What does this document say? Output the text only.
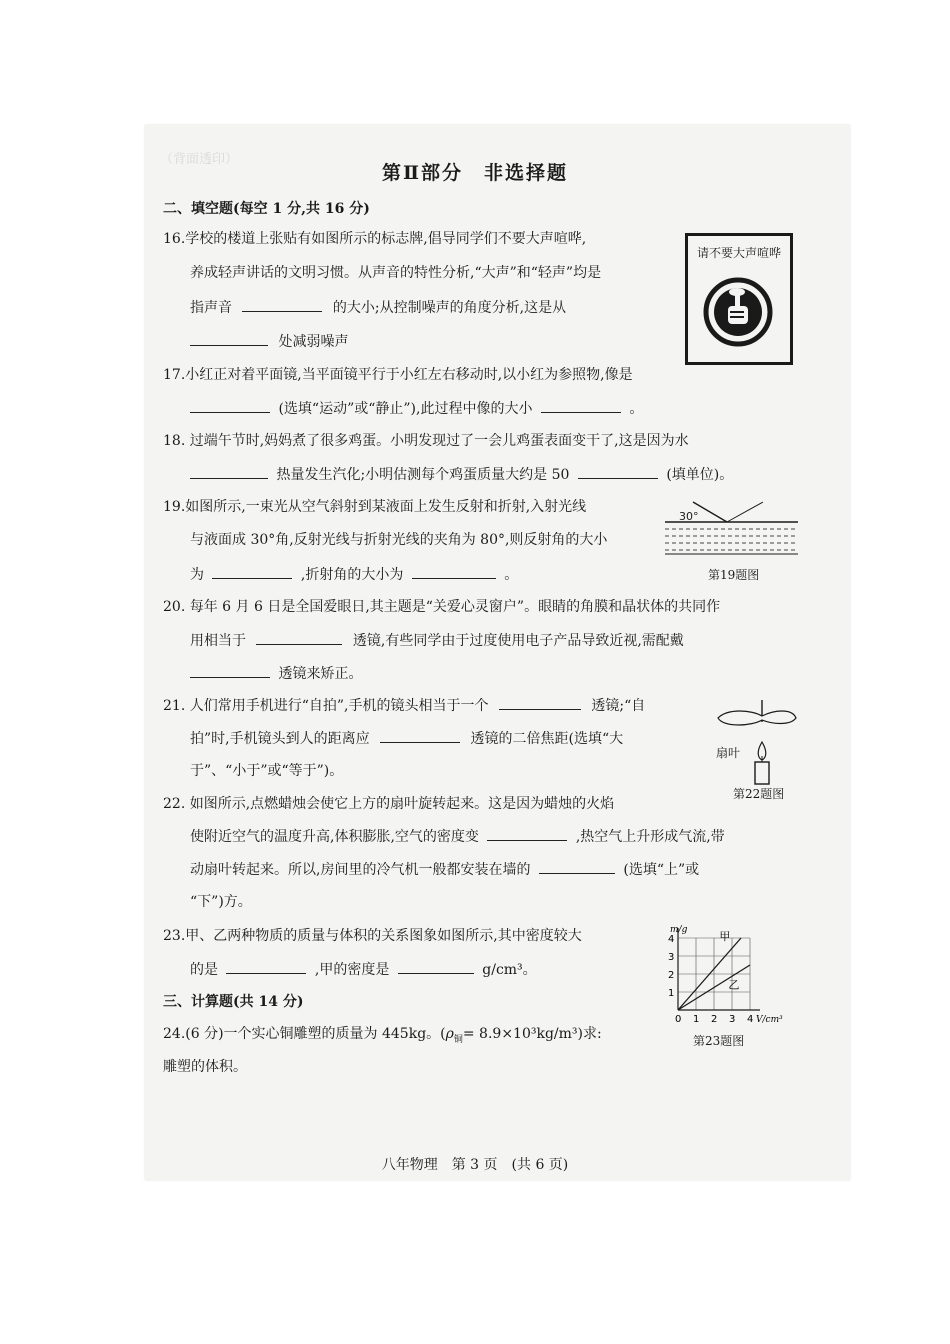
（背面透印）
第Ⅱ部分　非选择题
二、填空题(每空 1 分,共 16 分)
16.学校的楼道上张贴有如图所示的标志牌,倡导同学们不要大声喧哗,
养成轻声讲话的文明习惯。从声音的特性分析,“大声”和“轻声”均是
指声音	的大小;从控制噪声的角度分析,这是从
处减弱噪声
请不要大声喧哗
17.小红正对着平面镜,当平面镜平行于小红左右移动时,以小红为参照物,像是
(选填“运动”或“静止”),此过程中像的大小	。
18. 过端午节时,妈妈煮了很多鸡蛋。小明发现过了一会儿鸡蛋表面变干了,这是因为水
热量发生汽化;小明估测每个鸡蛋质量大约是 50	(填单位)。
19.如图所示,一束光从空气斜射到某液面上发生反射和折射,入射光线
与液面成 30°角,反射光线与折射光线的夹角为 80°,则反射角的大小
为	,折射角的大小为	。
30°
第19题图
20. 每年 6 月 6 日是全国爱眼日,其主题是“关爱心灵窗户”。眼睛的角膜和晶状体的共同作
用相当于	透镜,有些同学由于过度使用电子产品导致近视,需配戴
透镜来矫正。
21. 人们常用手机进行“自拍”,手机的镜头相当于一个	透镜;“自
拍”时,手机镜头到人的距离应	透镜的二倍焦距(选填“大
于”、“小于”或“等于”)。
扇叶
第22题图
22. 如图所示,点燃蜡烛会使它上方的扇叶旋转起来。这是因为蜡烛的火焰
使附近空气的温度升高,体积膨胀,空气的密度变	,热空气上升形成气流,带
动扇叶转起来。所以,房间里的冷气机一般都安装在墙的	(选填“上”或
“下”)方。
23.甲、乙两种物质的质量与体积的关系图象如图所示,其中密度较大
的是	,甲的密度是	g/cm³。
0 1 2 3 4
1
2
3
4
V/cm³
m/g	甲
乙
第23题图
三、计算题(共 14 分)
24.(6 分)一个实心铜雕塑的质量为 445kg。$(\rho_铜= 8.9\times 10^3kg/m^3)$求:
雕塑的体积。
八年物理　第 3 页　(共 6 页)
